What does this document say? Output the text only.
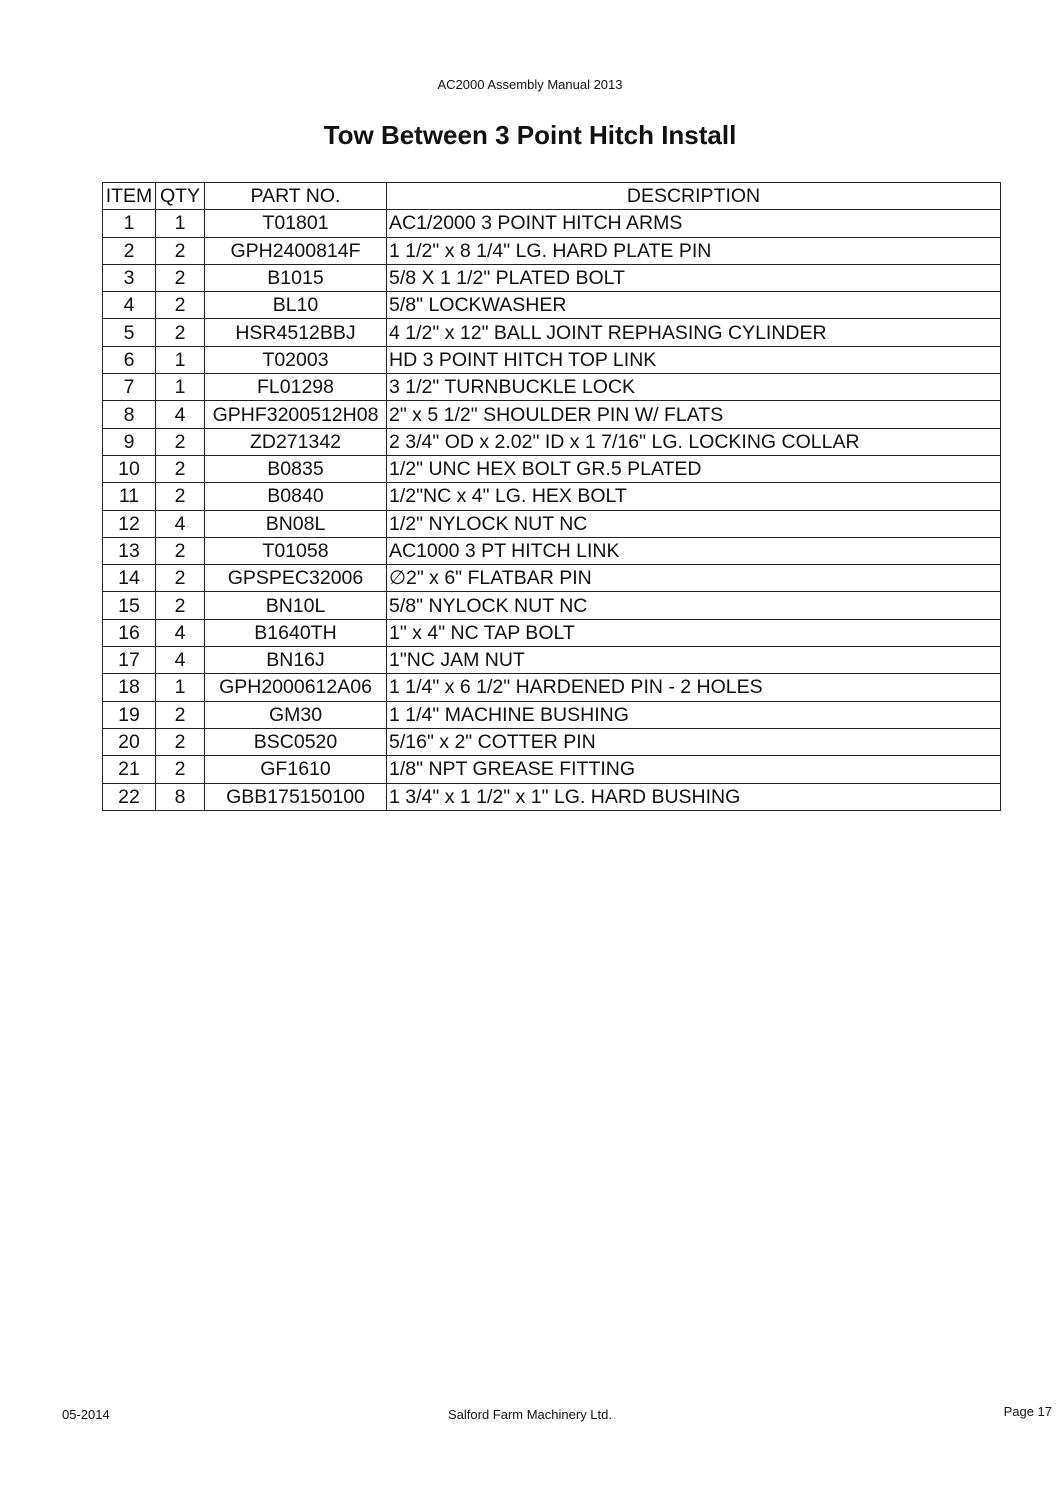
AC2000 Assembly Manual 2013
Tow Between 3 Point Hitch Install
ITEM	QTY	PART NO.	DESCRIPTION
1	1	T01801	AC1/2000 3 POINT HITCH ARMS
2	2	GPH2400814F	1 1/2" x 8 1/4" LG. HARD PLATE PIN
3	2	B1015	5/8 X 1 1/2" PLATED BOLT
4	2	BL10	5/8" LOCKWASHER
5	2	HSR4512BBJ	4 1/2" x 12" BALL JOINT REPHASING CYLINDER
6	1	T02003	HD 3 POINT HITCH TOP LINK
7	1	FL01298	3 1/2" TURNBUCKLE LOCK
8	4	GPHF3200512H08	2" x 5 1/2" SHOULDER PIN W/ FLATS
9	2	ZD271342	2 3/4" OD x 2.02" ID x 1 7/16" LG. LOCKING COLLAR
10	2	B0835	1/2" UNC HEX BOLT GR.5 PLATED
11	2	B0840	1/2"NC x 4" LG. HEX BOLT
12	4	BN08L	1/2" NYLOCK NUT NC
13	2	T01058	AC1000 3 PT HITCH LINK
14	2	GPSPEC32006	∅2" x 6" FLATBAR PIN
15	2	BN10L	5/8" NYLOCK NUT NC
16	4	B1640TH	1" x 4" NC TAP BOLT
17	4	BN16J	1"NC JAM NUT
18	1	GPH2000612A06	1 1/4" x 6 1/2" HARDENED PIN - 2 HOLES
19	2	GM30	1 1/4" MACHINE BUSHING
20	2	BSC0520	5/16" x 2" COTTER PIN
21	2	GF1610	1/8" NPT GREASE FITTING
22	8	GBB175150100	1 3/4" x 1 1/2" x 1" LG. HARD BUSHING
05-2014	Salford Farm Machinery Ltd.	Page 17
